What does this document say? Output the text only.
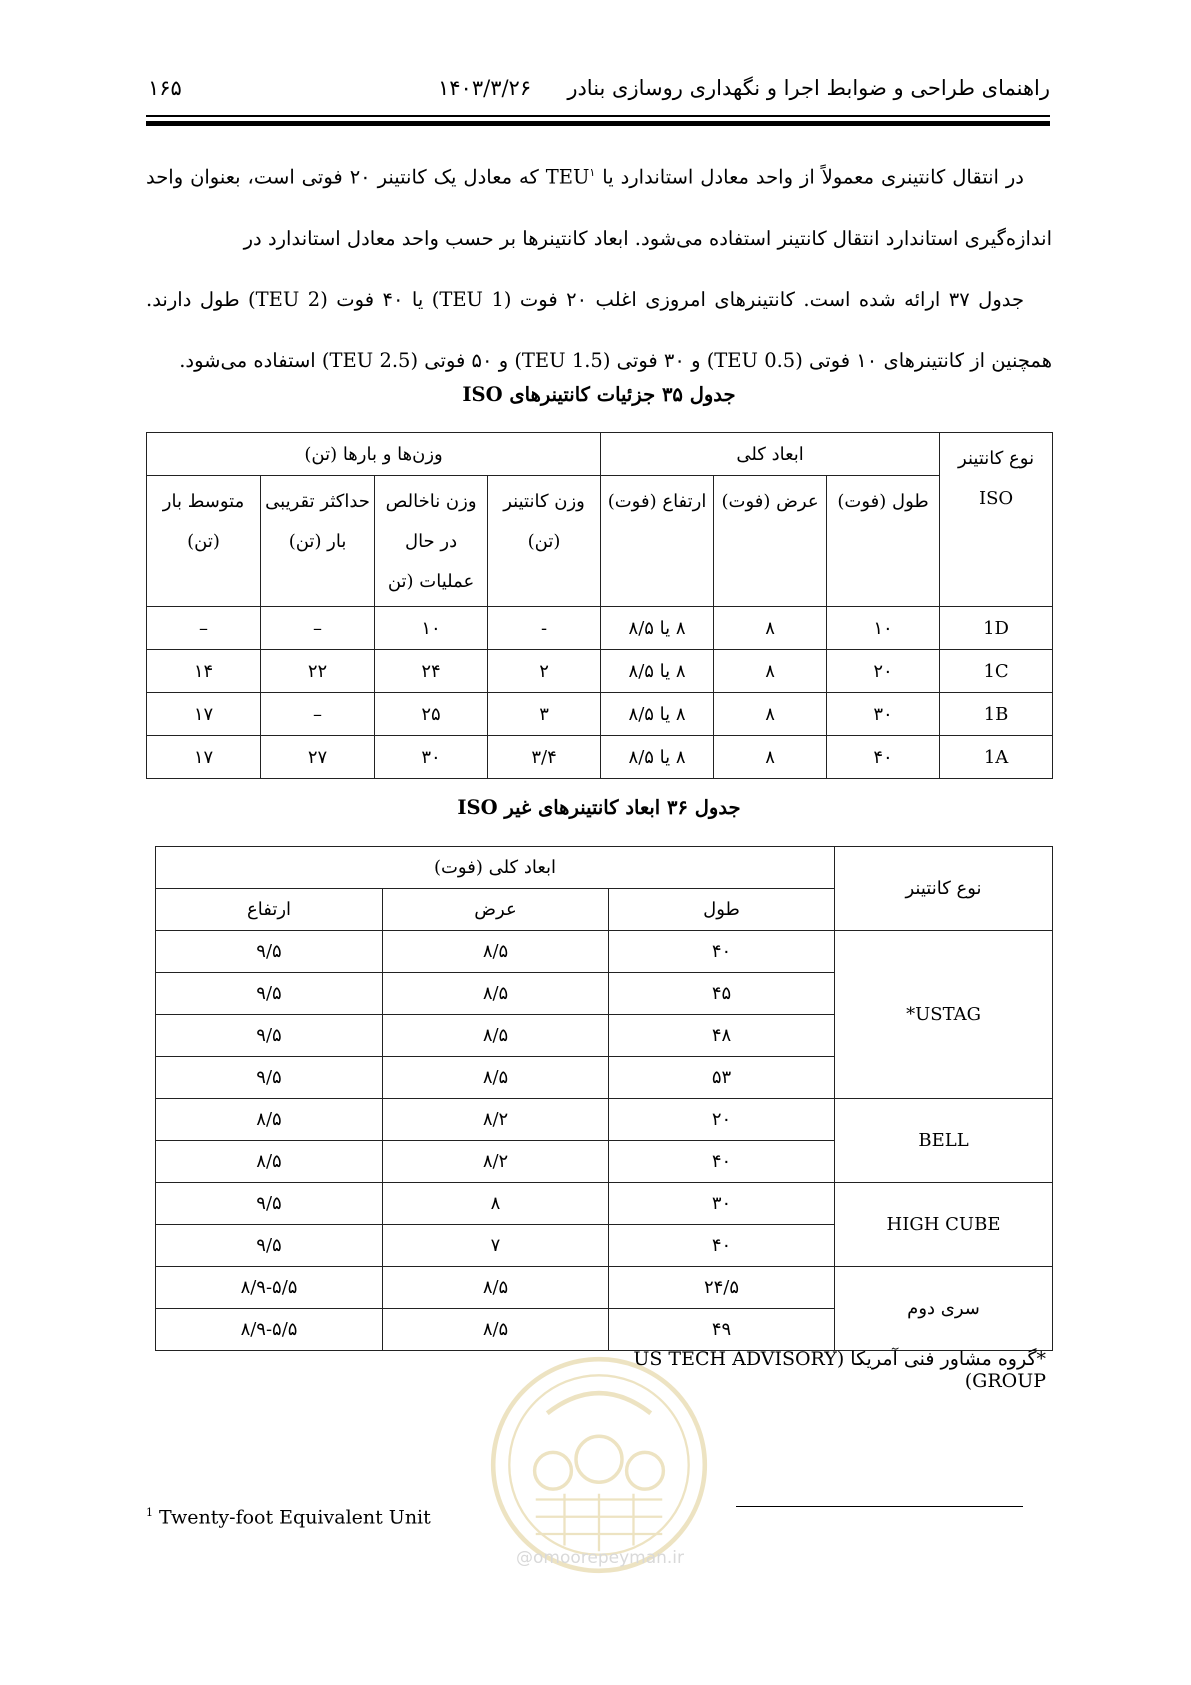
راهنمای طراحی و ضوابط اجرا و نگهداری روسازی بنادر
۱۴۰۳/۳/۲۶
۱۶۵
در انتقال کانتینری معمولاً از واحد معادل استاندارد یا TEU$^۱$ که معادل یک کانتینر ۲۰ فوتی است، بعنوان واحد اندازه‌گیری استاندارد انتقال کانتینر استفاده می‌شود. ابعاد کانتینرها بر حسب واحد معادل استاندارد در
جدول ۳۷ ارائه شده است. کانتینرهای امروزی اغلب ۲۰ فوت (1 TEU) یا ۴۰ فوت (2 TEU) طول دارند. همچنین از کانتینرهای ۱۰ فوتی (0.5 TEU) و ۳۰ فوتی (1.5 TEU) و ۵۰ فوتی (2.5 TEU) استفاده می‌شود.
جدول ۳۵ جزئیات کانتینرهای ISO
نوع کانتینر ISO	ابعاد کلی			وزن‌ها و بارها (تن)			
	طول (فوت)	عرض (فوت)	ارتفاع (فوت)	وزن کانتینر (تن)	وزن ناخالص در حال عملیات (تن	حداکثر تقریبی بار (تن)	متوسط بار (تن)
1D	۱۰	۸	۸ یا ۸/۵	-	۱۰	–	–
1C	۲۰	۸	۸ یا ۸/۵	۲	۲۴	۲۲	۱۴
1B	۳۰	۸	۸ یا ۸/۵	۳	۲۵	–	۱۷
1A	۴۰	۸	۸ یا ۸/۵	۳/۴	۳۰	۲۷	۱۷
جدول ۳۶ ابعاد کانتینرهای غیر ISO
نوع کانتینر	ابعاد کلی (فوت)		
	طول	عرض	ارتفاع
USTAG*	۴۰	۸/۵	۹/۵
	۴۵	۸/۵	۹/۵
	۴۸	۸/۵	۹/۵
	۵۳	۸/۵	۹/۵
BELL	۲۰	۸/۲	۸/۵
	۴۰	۸/۲	۸/۵
HIGH CUBE	۳۰	۸	۹/۵
	۴۰	۷	۹/۵
سری دوم	۲۴/۵	۸/۵	۸/۹-۵/۵
	۴۹	۸/۵	۸/۹-۵/۵
*گروه مشاور فنی آمریکا (US TECH ADVISORY GROUP)
@omoorepeyman.ir
$^1$ Twenty-foot Equivalent Unit
